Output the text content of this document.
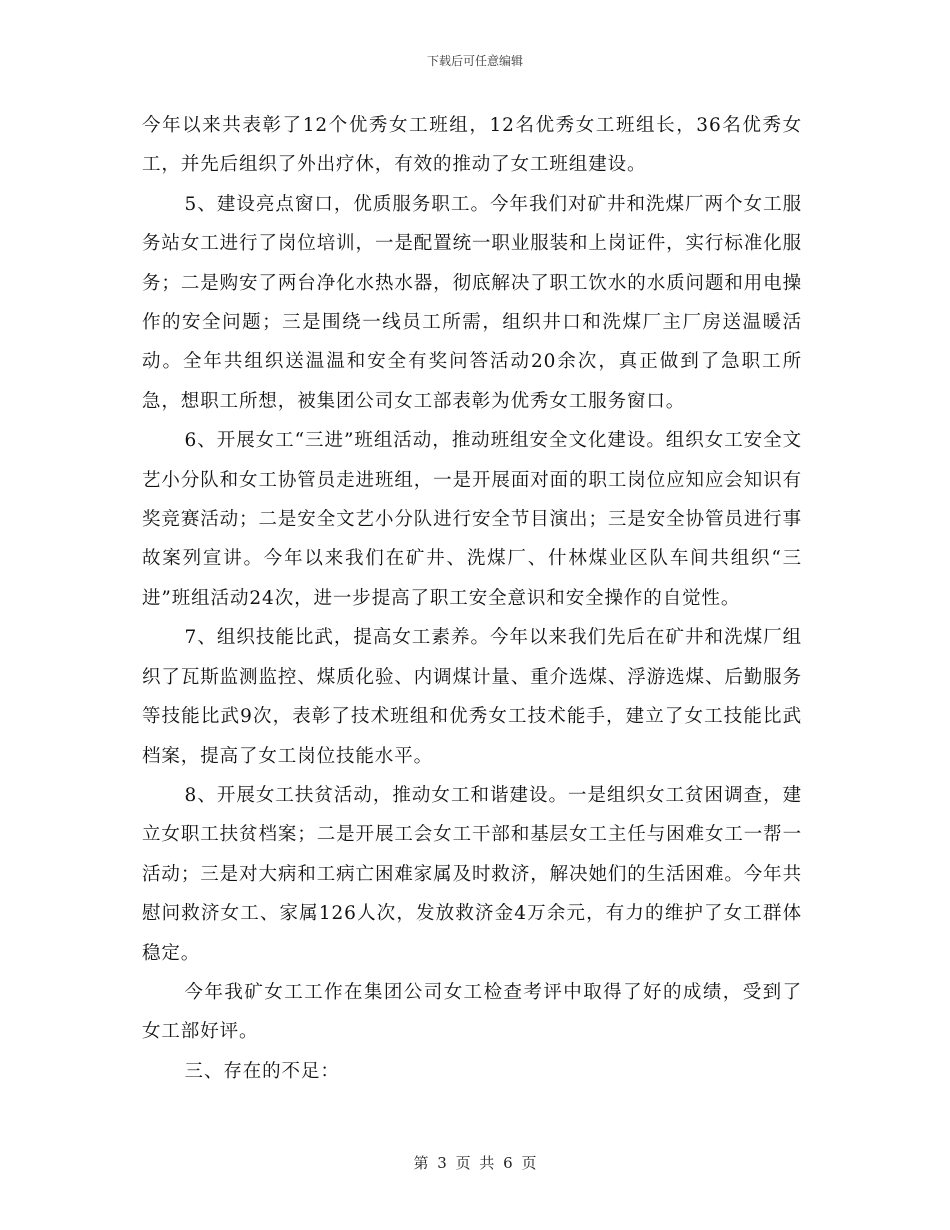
下载后可任意编辑

今年以来共表彰了12个优秀女工班组，12名优秀女工班组长，36名优秀女工，并先后组织了外出疗休，有效的推动了女工班组建设。

5、建设亮点窗口，优质服务职工。今年我们对矿井和洗煤厂两个女工服务站女工进行了岗位培训，一是配置统一职业服装和上岗证件，实行标准化服务；二是购安了两台净化水热水器，彻底解决了职工饮水的水质问题和用电操作的安全问题；三是围绕一线员工所需，组织井口和洗煤厂主厂房送温暖活动。全年共组织送温温和安全有奖问答活动20余次，真正做到了急职工所急，想职工所想，被集团公司女工部表彰为优秀女工服务窗口。

6、开展女工“三进”班组活动，推动班组安全文化建设。组织女工安全文艺小分队和女工协管员走进班组，一是开展面对面的职工岗位应知应会知识有奖竞赛活动；二是安全文艺小分队进行安全节目演出；三是安全协管员进行事故案列宣讲。今年以来我们在矿井、洗煤厂、什林煤业区队车间共组织“三进”班组活动24次，进一步提高了职工安全意识和安全操作的自觉性。

7、组织技能比武，提高女工素养。今年以来我们先后在矿井和洗煤厂组织了瓦斯监测监控、煤质化验、内调煤计量、重介选煤、浮游选煤、后勤服务等技能比武9次，表彰了技术班组和优秀女工技术能手，建立了女工技能比武档案，提高了女工岗位技能水平。

8、开展女工扶贫活动，推动女工和谐建设。一是组织女工贫困调查，建立女职工扶贫档案；二是开展工会女工干部和基层女工主任与困难女工一帮一活动；三是对大病和工病亡困难家属及时救济，解决她们的生活困难。今年共慰问救济女工、家属126人次，发放救济金4万余元，有力的维护了女工群体稳定。

今年我矿女工工作在集团公司女工检查考评中取得了好的成绩，受到了女工部好评。

三、存在的不足：

第 3 页 共 6 页
